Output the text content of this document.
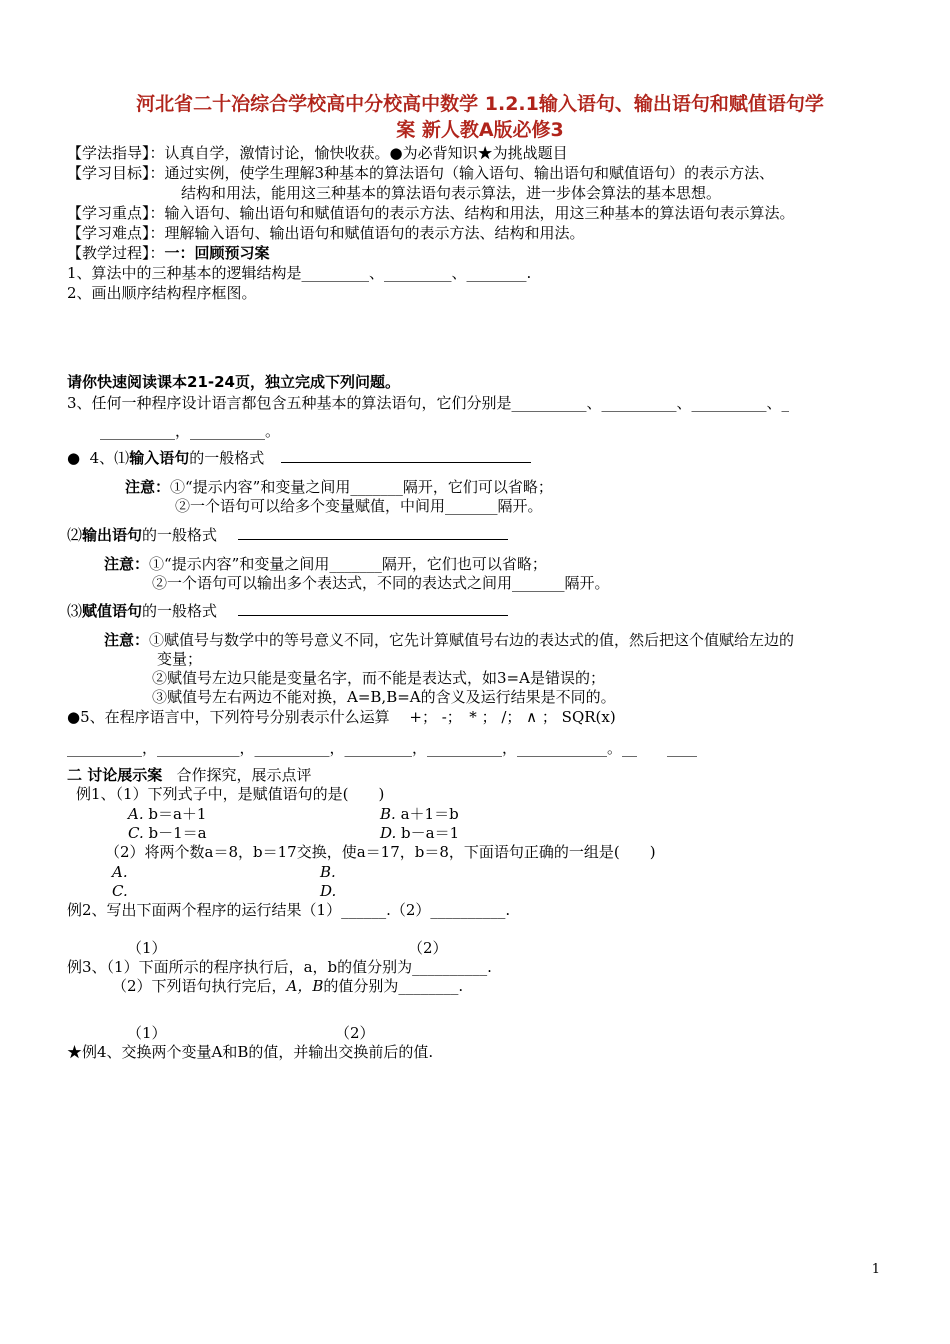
河北省二十冶综合学校高中分校高中数学 1.2.1输入语句、输出语句和赋值语句学
案 新人教A版必修3
【学法指导】：认真自学，激情讨论，愉快收获。●为必背知识★为挑战题目
【学习目标】：通过实例，使学生理解3种基本的算法语句（输入语句、输出语句和赋值语句）的表示方法、
结构和用法，能用这三种基本的算法语句表示算法，进一步体会算法的基本思想。
【学习重点】：输入语句、输出语句和赋值语句的表示方法、结构和用法，用这三种基本的算法语句表示算法。
【学习难点】：理解输入语句、输出语句和赋值语句的表示方法、结构和用法。
【教学过程】：一：回顾预习案
1、算法中的三种基本的逻辑结构是_________、_________、________.
2、画出顺序结构程序框图。
请你快速阅读课本21-24页，独立完成下列问题。
3、任何一种程序设计语言都包含五种基本的算法语句，它们分别是__________、__________、__________、_
__________，__________。
● 4、⑴输入语句的一般格式
注意：①“提示内容”和变量之间用_______隔开，它们可以省略；
②一个语句可以给多个变量赋值，中间用_______隔开。
⑵输出语句的一般格式
注意：①“提示内容”和变量之间用_______隔开，它们也可以省略；
②一个语句可以输出多个表达式，不同的表达式之间用_______隔开。
⑶赋值语句的一般格式
注意：①赋值号与数学中的等号意义不同，它先计算赋值号右边的表达式的值，然后把这个值赋给左边的
变量；
②赋值号左边只能是变量名字，而不能是表达式，如3=A是错误的；
③赋值号左右两边不能对换，A=B,B=A的含义及运行结果是不同的。
●5、在程序语言中，下列符号分别表示什么运算　 +； -；　* ； /； ∧ ； SQR(x)
__________，___________，__________，_________，__________，____________。__　　____
二 讨论展示案 合作探究，展示点评
例1、（1）下列式子中，是赋值语句的是(　　)
A. b＝a＋1	B. a＋1＝b
C. b－1＝a	D. b－a＝1
（2）将两个数a＝8，b＝17交换，使a＝17，b＝8，下面语句正确的一组是(　　)
A.	B.
C.	D.
例2、写出下面两个程序的运行结果（1）______.（2）__________.
（1）	（2）
例3、（1）下面所示的程序执行后，a，b的值分别为__________.
（2）下列语句执行完后，A，B的值分别为________.
（1）	（2）
★例4、交换两个变量A和B的值，并输出交换前后的值.
1
